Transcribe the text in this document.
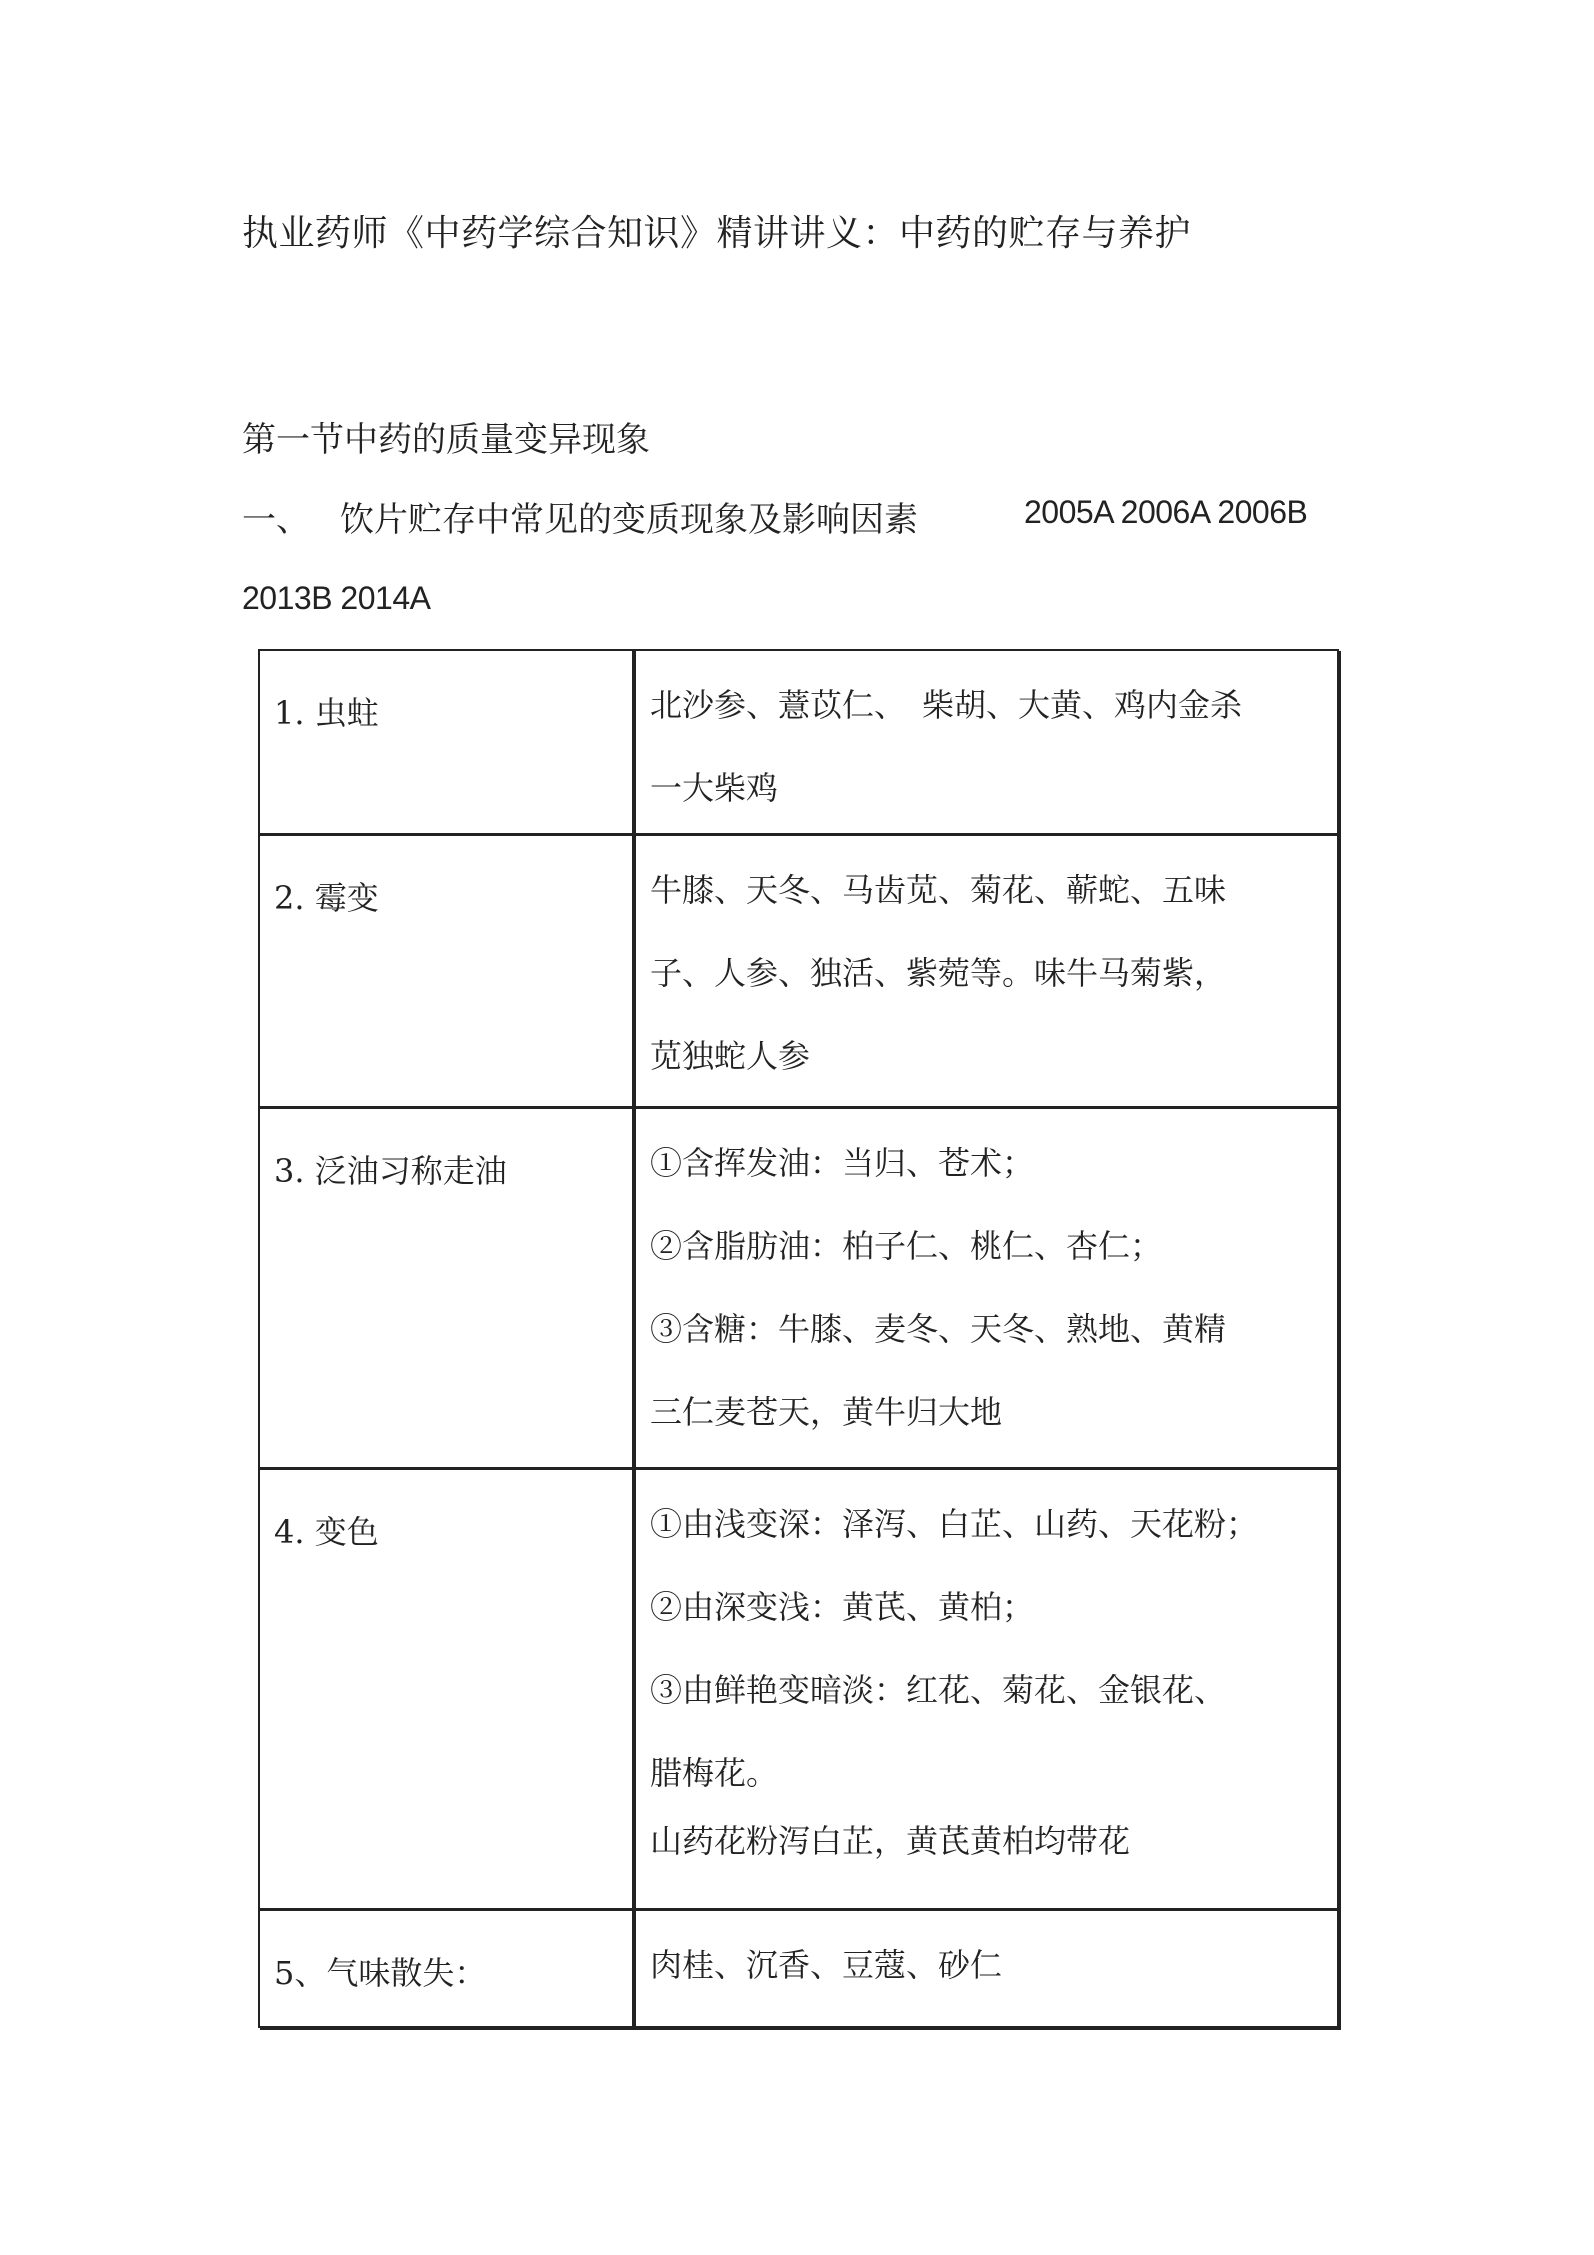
执业药师《中药学综合知识》精讲讲义：中药的贮存与养护
第一节中药的质量变异现象
一、 饮片贮存中常见的变质现象及影响因素	2005A 2006A 2006B
2013B 2014A
1. 虫蛀	北沙参、薏苡仁、　柴胡、大黄、鸡内金杀
一大柴鸡
2. 霉变	牛膝、天冬、马齿苋、菊花、蕲蛇、五味
子、人参、独活、紫菀等。味牛马菊紫，
苋独蛇人参
3. 泛油习称走油	①含挥发油：当归、苍术；
②含脂肪油：柏子仁、桃仁、杏仁；
③含糖：牛膝、麦冬、天冬、熟地、黄精
三仁麦苍天，黄牛归大地
4. 变色	①由浅变深：泽泻、白芷、山药、天花粉；
②由深变浅：黄芪、黄柏；
③由鲜艳变暗淡：红花、菊花、金银花、
腊梅花。
山药花粉泻白芷，黄芪黄柏均带花
5、气味散失：	肉桂、沉香、豆蔻、砂仁
